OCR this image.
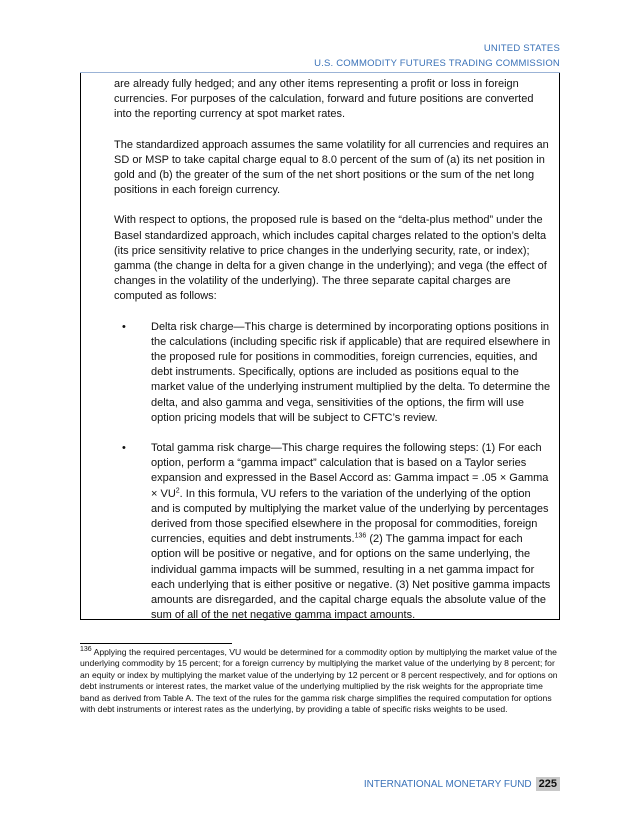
UNITED STATES
U.S. COMMODITY FUTURES TRADING COMMISSION

are already fully hedged; and any other items representing a profit or loss in foreign currencies. For purposes of the calculation, forward and future positions are converted into the reporting currency at spot market rates.

The standardized approach assumes the same volatility for all currencies and requires an SD or MSP to take capital charge equal to 8.0 percent of the sum of (a) its net position in gold and (b) the greater of the sum of the net short positions or the sum of the net long positions in each foreign currency.

With respect to options, the proposed rule is based on the “delta-plus method” under the Basel standardized approach, which includes capital charges related to the option’s delta (its price sensitivity relative to price changes in the underlying security, rate, or index); gamma (the change in delta for a given change in the underlying); and vega (the effect of changes in the volatility of the underlying). The three separate capital charges are computed as follows:

• Delta risk charge—This charge is determined by incorporating options positions in the calculations (including specific risk if applicable) that are required elsewhere in the proposed rule for positions in commodities, foreign currencies, equities, and debt instruments. Specifically, options are included as positions equal to the market value of the underlying instrument multiplied by the delta. To determine the delta, and also gamma and vega, sensitivities of the options, the firm will use option pricing models that will be subject to CFTC’s review.
• Total gamma risk charge—This charge requires the following steps: (1) For each option, perform a “gamma impact” calculation that is based on a Taylor series expansion and expressed in the Basel Accord as: Gamma impact = .05 × Gamma × $VU^2$. In this formula, VU refers to the variation of the underlying of the option and is computed by multiplying the market value of the underlying by percentages derived from those specified elsewhere in the proposal for commodities, foreign currencies, equities and debt instruments.$^{136}$ (2) The gamma impact for each option will be positive or negative, and for options on the same underlying, the individual gamma impacts will be summed, resulting in a net gamma impact for each underlying that is either positive or negative. (3) Net positive gamma impacts amounts are disregarded, and the capital charge equals the absolute value of the sum of all of the net negative gamma impact amounts.
$^{136}$ Applying the required percentages, VU would be determined for a commodity option by multiplying the market value of the underlying commodity by 15 percent; for a foreign currency by multiplying the market value of the underlying by 8 percent; for an equity or index by multiplying the market value of the underlying by 12 percent or 8 percent respectively, and for options on debt instruments or interest rates, the market value of the underlying multiplied by the risk weights for the appropriate time band as derived from Table A. The text of the rules for the gamma risk charge simplifies the required computation for options with debt instruments or interest rates as the underlying, by providing a table of specific risks weights to be used.
INTERNATIONAL MONETARY FUND 225
